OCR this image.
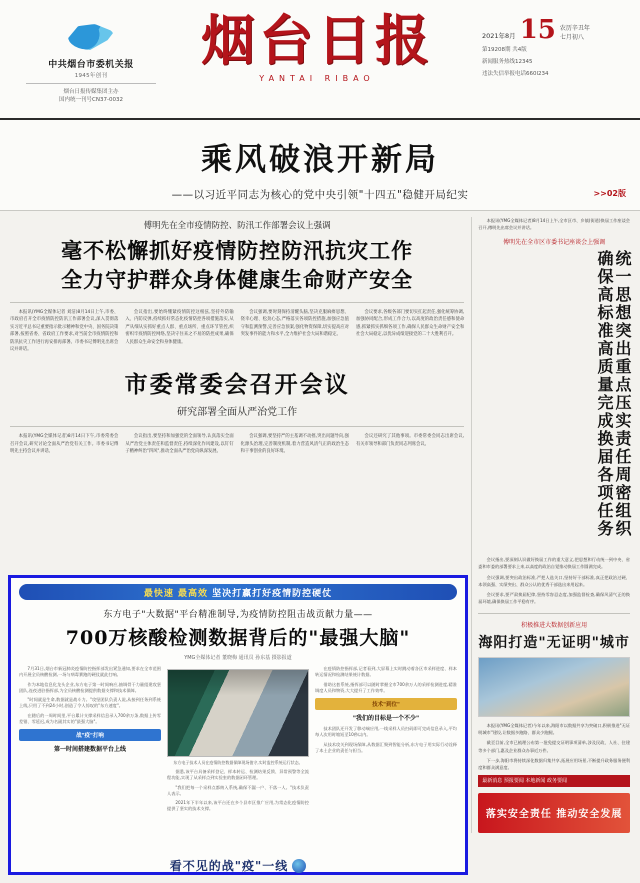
中共烟台市委机关报
1945年创刊
烟台日报传媒集团主办
国内统一刊号CN37-0032
烟台日报
YANTAI RIBAO
2021年8月 15 农历辛丑年
七月初八
第19208期 共4版
新闻服务热线12345
违法失信举报电话660l234
乘风破浪开新局
——以习近平同志为核心的党中央引领"十四五"稳健开局纪实	>>02版
傅明先在全市疫情防控、防汛工作部署会议上强调
毫不松懈抓好疫情防控防汛抗灾工作
全力守护群众身体健康生命财产安全

本报讯(YMG全媒体记者 刘洁)8月14日上午,市委、市政府召开全市疫情防控防汛工作部署会议,深入贯彻落实习近平总书记重要指示批示精神和党中央、国务院决策部署,按照省委、省政府工作要求,对当前全市疫情防控和防汛抗灾工作进行再安排再部署。市委书记傅明先出席会议并讲话。

会议指出,要始终绷紧疫情防控这根弦,坚持外防输入、内防反弹,持续抓好常态化疫情防控各项措施落实,从严从细从实抓好重点人群、重点场所、重点环节管控,织密织牢疫情防控网络,坚决守住来之不易的防控成果,确保人民群众生命安全和身体健康。

会议强调,要时刻保持清醒头脑,坚决克服麻痹思想、侥幸心理、松劲心态,严格落实各项防控措施,加强应急值守和监测预警,完善应急预案,强化物资保障,切实提高应对突发事件的能力和水平,全力维护社会大局和谐稳定。

会议要求,各级各部门要切实扛起责任,强化统筹协调,加强协同配合,形成工作合力,以高度的政治责任感和使命感,抓紧抓实抓细各项工作,确保人民群众生命财产安全和社会大局稳定,以优异成绩迎接党的二十大胜利召开。

市委常委会召开会议
研究部署全面从严治党工作

本报讯(YMG全媒体记者)8月14日下午,市委常委会召开会议,研究讨论全面从严治党有关工作。市委书记傅明先主持会议并讲话。

会议指出,要坚持和加强党的全面领导,认真落实全面从严治党主体责任和监督责任,持续深化作风建设,以钉钉子精神纠治"四风",推动全面从严治党向纵深发展。

会议强调,要坚持严的主基调不动摇,突出问题导向,强化源头治理,完善制度机制,着力营造风清气正的政治生态和干事创业的良好环境。

会议还研究了其他事项。市委常委会同志出席会议,有关市领导和部门负责同志列席会议。

本报讯(YMG全媒体记者)8月14日上午,全市区市、乡镇(街道)换届工作座谈会召开,傅明先出席会议并讲话。

傅明先在全市区市委书记座谈会上强调
统一思想突出重点压实责任周密组织
确保高标准高质量完成换届各项任务

会议指出,要深刻认识做好换届工作的重大意义,把思想和行动统一到中央、省委和市委的部署要求上来,以高度的政治自觉推动换届工作圆满完成。

会议强调,要突出政治标准,严把人选关口,坚持好干部标准,真正把政治过硬、本领高强、实绩突出、群众公认的优秀干部选出来用起来。

会议要求,要严肃换届纪律,坚持零容忍态度,加强监督检查,确保风清气正的换届环境,确保换届工作平稳有序。

积极推进大数据创新应用
海阳打造"无证明"城市

本报讯(YMG全媒体记者)今年以来,海阳市以数据共享为突破口,积极推进"无证明城市"建设,让数据多跑路、群众少跑腿。

截至目前,全市已梳理公布第一批免提交证明事项清单,涉及民政、人社、住建等多个部门,惠及企业群众办事近万件。

下一步,海阳市将持续深化数据归集共享,拓展应用场景,不断提升政务服务便利度和群众满意度。

最新消息 预报要闻 本地新闻 政务要闻
落实安全责任 推动安全发展
最快速 最高效
坚决打赢打好疫情防控硬仗
东方电子"大数据"平台精准制导,为疫情防控阻击战贡献力量——
700万核酸检测数据背后的"最强大脑"
YMG全媒体记者 董晓梅 通讯员 孙东基 摄影报道

7月31日,烟台市新冠肺炎疫情防控指挥部发出紧急通知,要求在全市范围内开展全员核酸检测,一场与病毒赛跑的硬仗就此打响。

作为本地信息化龙头企业,东方电子第一时间响应,抽调骨干力量组建攻坚团队,连夜进驻指挥部,为全员核酸检测提供数据支撑和技术保障。

"时间就是生命,数据就是战斗力。"攻坚团队负责人说,从接到任务到系统上线,只用了不到24小时,创造了令人惊叹的"东方速度"。

在随后的一周时间里,平台累计支撑采样信息录入700余万条,数据上传零差错、零延迟,成为名副其实的"最强大脑"。

战"疫"打响
第一时间搭建数据平台上线
东方电子技术人员在疫情防控数据保障现场值守,实时监控系统运行状态。

据悉,该平台具备采样登记、样本转运、检测结果反馈、异常预警等全流程功能,实现了从采样点到实验室的数据闭环管理。

"我们把每一个采样点都纳入系统,确保不漏一户、不落一人。"技术负责人表示。

2021年下半年以来,该平台还在多个县市区推广应用,为常态化疫情防控提供了坚实的技术支撑。

在疫情防控指挥部,记者看到,大屏幕上实时跳动着各区市采样进度、样本转运情况和检测结果统计数据。

借助这套系统,指挥部可以随时掌握全市700余万人的采样检测进度,精准调度人员和物资,大大提升了工作效率。

技术"到位"
"我们的目标是一个不少"

技术团队还开发了移动端应用,一线采样人员扫码即可完成信息录入,平均每人次用时缩短至10秒以内。

从技术攻关到现场保障,从数据汇聚到智能分析,东方电子用实际行动诠释了本土企业的责任与担当。

看不见的战"疫"一线
